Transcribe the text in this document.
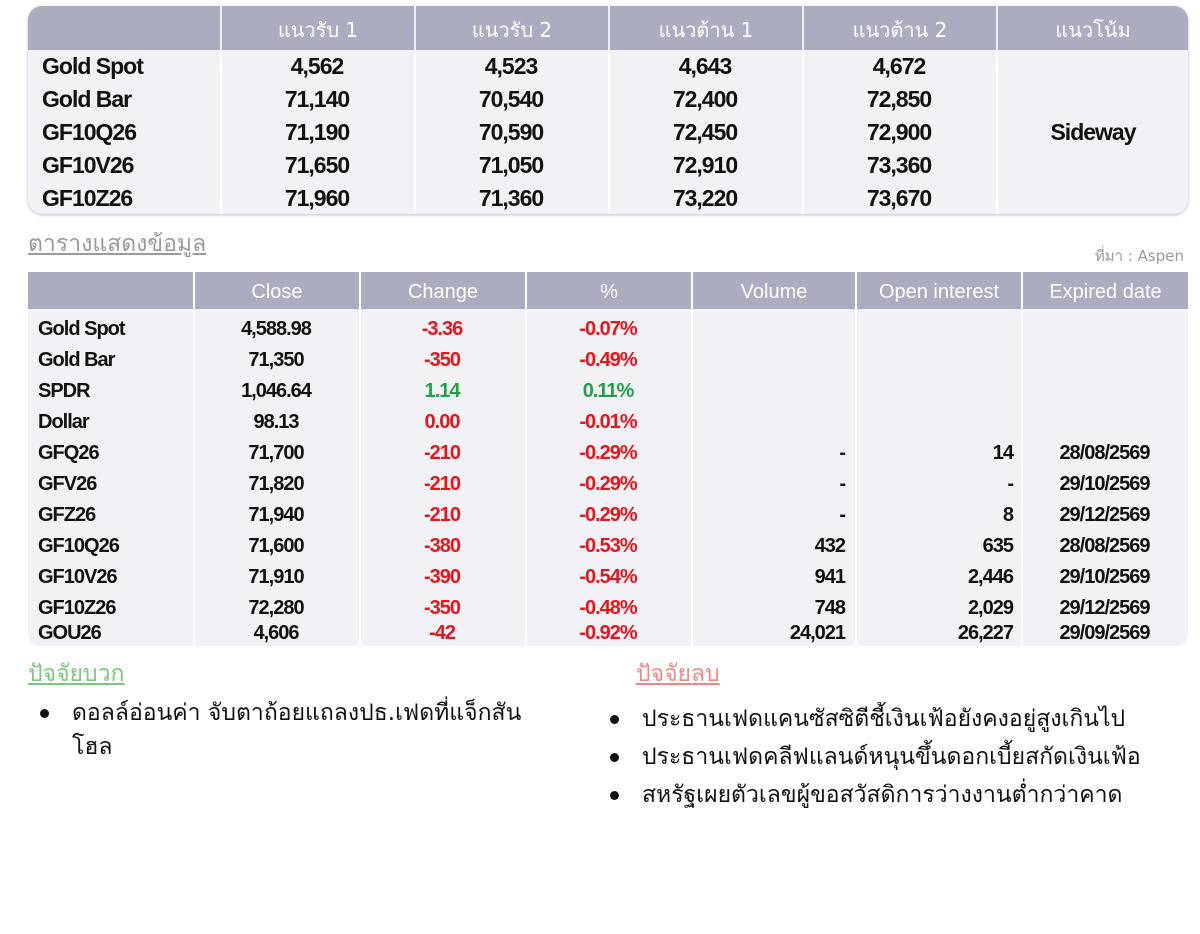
แนวรับ 1	แนวรับ 2	แนวต้าน 1	แนวต้าน 2	แนวโน้ม
Gold Spot	4,562	4,523	4,643	4,672
Gold Bar	71,140	70,540	72,400	72,850
GF10Q26	71,190	70,590	72,450	72,900
GF10V26	71,650	71,050	72,910	73,360
GF10Z26	71,960	71,360	73,220	73,670
Sideway
ตารางแสดงข้อมูล	ที่มา : Aspen
Close	Change	%	Volume	Open interest	Expired date
Gold Spot	4,588.98	-3.36	-0.07%
Gold Bar	71,350	-350	-0.49%
SPDR	1,046.64	1.14	0.11%
Dollar	98.13	0.00	-0.01%
GFQ26	71,700	-210	-0.29%	-	14	28/08/2569
GFV26	71,820	-210	-0.29%	-	-	29/10/2569
GFZ26	71,940	-210	-0.29%	-	8	29/12/2569
GF10Q26	71,600	-380	-0.53%	432	635	28/08/2569
GF10V26	71,910	-390	-0.54%	941	2,446	29/10/2569
GF10Z26	72,280	-350	-0.48%	748	2,029	29/12/2569
GOU26	4,606	-42	-0.92%	24,021	26,227	29/09/2569
ปัจจัยบวก
ดอลล์อ่อนค่า จับตาถ้อยแถลงปธ.เฟดที่แจ็กสันโฮล
ปัจจัยลบ
ประธานเฟดแคนซัสซิตีชี้เงินเฟ้อยังคงอยู่สูงเกินไป
ประธานเฟดคลีฟแลนด์หนุนขึ้นดอกเบี้ยสกัดเงินเฟ้อ
สหรัฐเผยตัวเลขผู้ขอสวัสดิการว่างงานต่ำกว่าคาด
